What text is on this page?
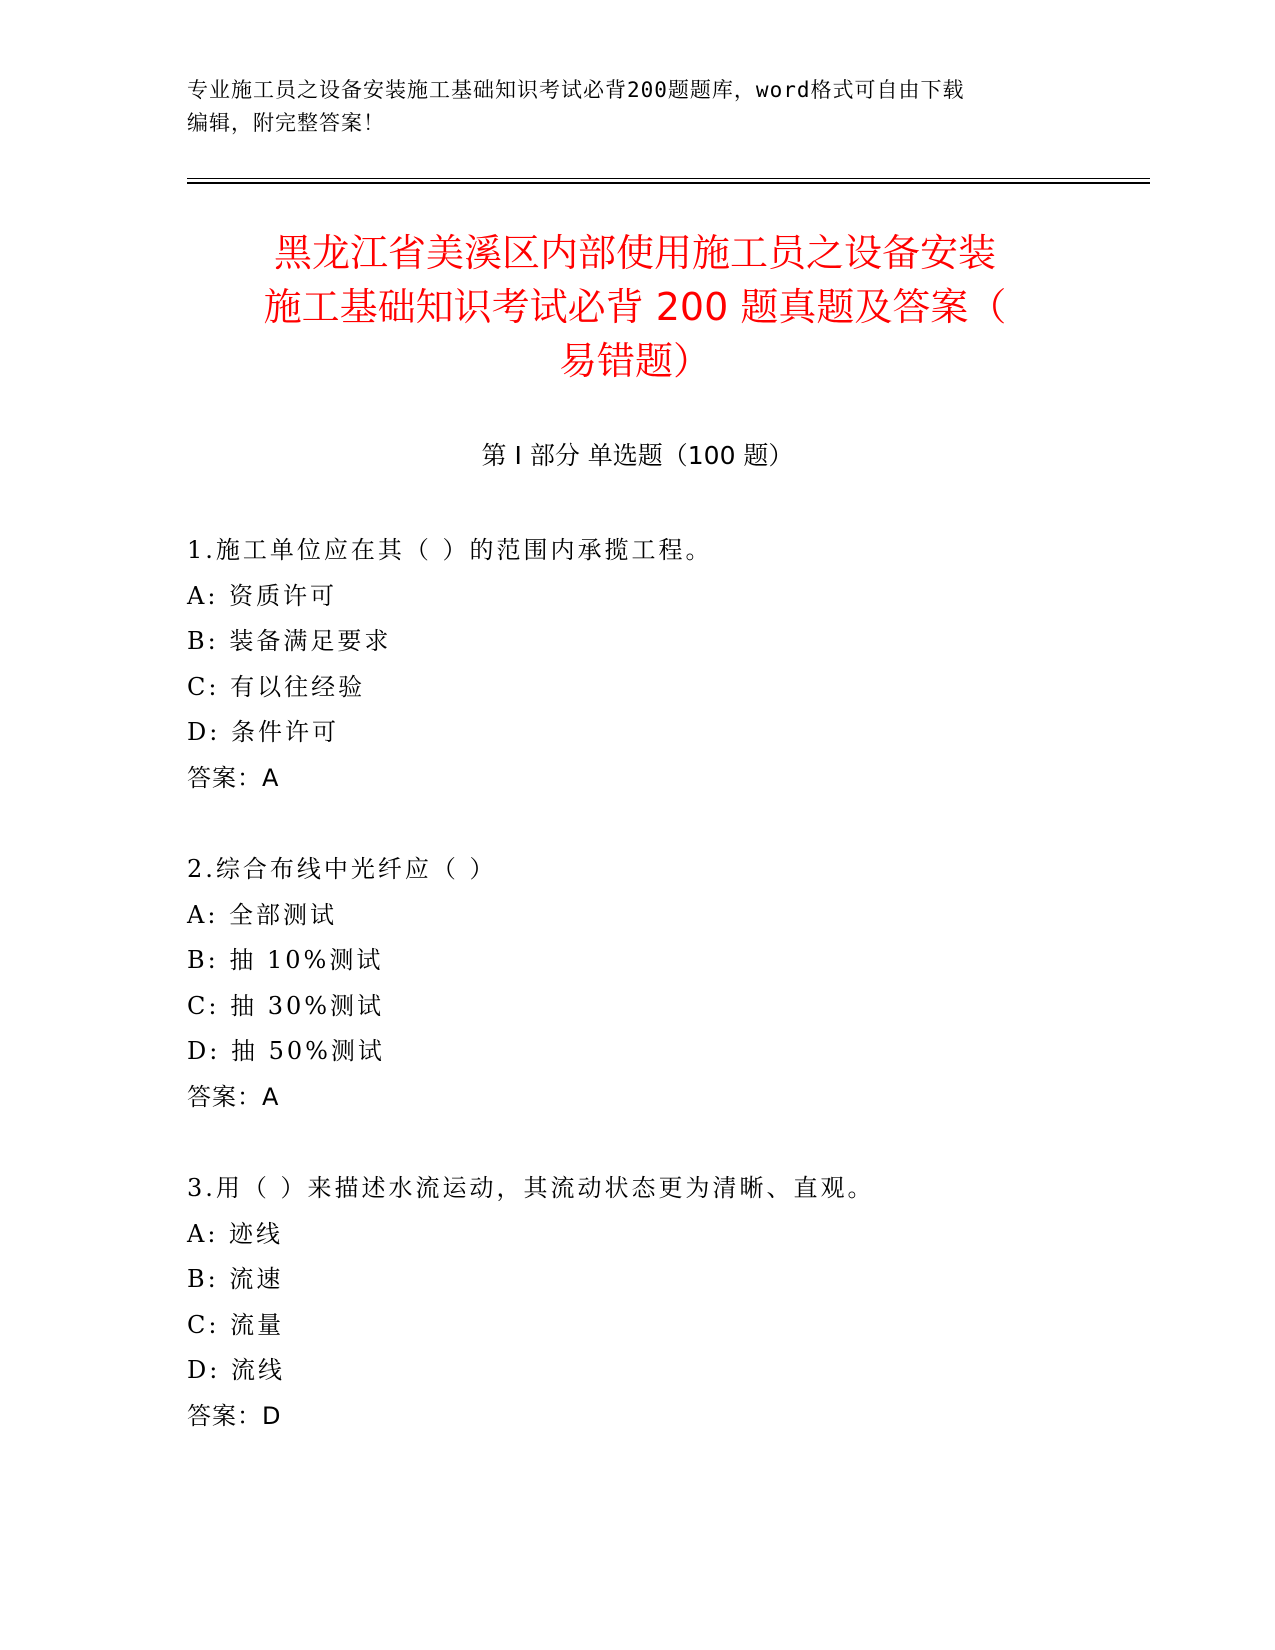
专业施工员之设备安装施工基础知识考试必背200题题库，word格式可自由下载
编辑，附完整答案！
黑龙江省美溪区内部使用施工员之设备安装
施工基础知识考试必背 200 题真题及答案（
易错题）
第 I 部分 单选题（100 题）
1.施工单位应在其（ ）的范围内承揽工程。
A: 资质许可
B: 装备满足要求
C: 有以往经验
D: 条件许可
答案：A
2.综合布线中光纤应（ ）
A: 全部测试
B: 抽 10%测试
C: 抽 30%测试
D: 抽 50%测试
答案：A
3.用（ ）来描述水流运动，其流动状态更为清晰、直观。
A: 迹线
B: 流速
C: 流量
D: 流线
答案：D
